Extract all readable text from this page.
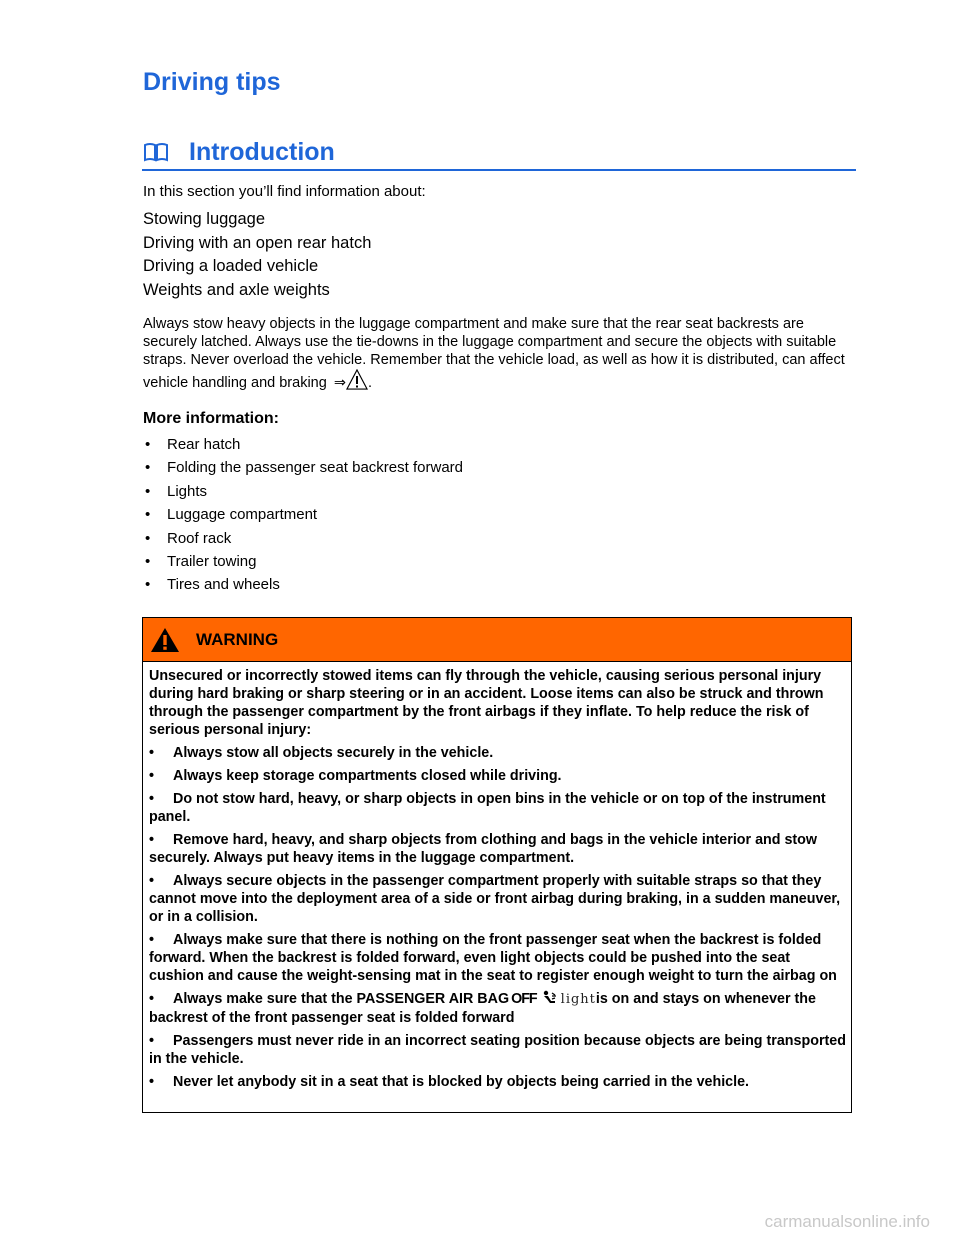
Driving tips
Introduction

In this section you’ll find information about:

Stowing luggage
Driving with an open rear hatch
Driving a loaded vehicle
Weights and axle weights

Always stow heavy objects in the luggage compartment and make sure that the rear seat backrests are securely latched. Always use the tie-downs in the luggage compartment and secure the objects with suitable straps. Never overload the vehicle. Remember that the vehicle load, as well as how it is distributed, can affect vehicle handling and braking ⇒ .

More information:
•	Rear hatch
•	Folding the passenger seat backrest forward
•	Lights
•	Luggage compartment
•	Roof rack
•	Trailer towing
•	Tires and wheels
WARNING

Unsecured or incorrectly stowed items can fly through the vehicle, causing serious personal injury during hard braking or sharp steering or in an accident. Loose items can also be struck and thrown through the passenger compartment by the front airbags if they inflate. To help reduce the risk of serious personal injury:

• Always stow all objects securely in the vehicle.
• Always keep storage compartments closed while driving.
• Do not stow hard, heavy, or sharp objects in open bins in the vehicle or on top of the instrument panel.
• Remove hard, heavy, and sharp objects from clothing and bags in the vehicle interior and stow securely. Always put heavy items in the luggage compartment.
• Always secure objects in the passenger compartment properly with suitable straps so that they cannot move into the deployment area of a side or front airbag during braking, in a sudden maneuver, or in a collision.
• Always make sure that there is nothing on the front passenger seat when the backrest is folded forward. When the backrest is folded forward, even light objects could be pushed into the seat cushion and cause the weight-sensing mat in the seat to register enough weight to turn the airbag on
• Always make sure that the PASSENGER AIR BAG OFF lightis on and stays on whenever the backrest of the front passenger seat is folded forward
• Passengers must never ride in an incorrect seating position because objects are being transported in the vehicle.
• Never let anybody sit in a seat that is blocked by objects being carried in the vehicle.
carmanualsonline.info
